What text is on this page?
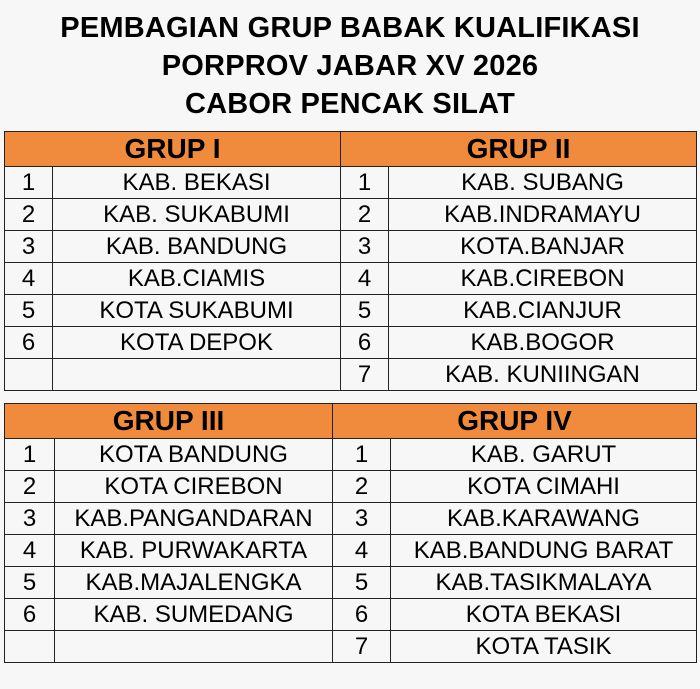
PEMBAGIAN GRUP BABAK KUALIFIKASI
PORPROV JABAR XV 2026
CABOR PENCAK SILAT
GRUP I		GRUP II	
1	KAB. BEKASI	1	KAB. SUBANG
2	KAB. SUKABUMI	2	KAB.INDRAMAYU
3	KAB. BANDUNG	3	KOTA.BANJAR
4	KAB.CIAMIS	4	KAB.CIREBON
5	KOTA SUKABUMI	5	KAB.CIANJUR
6	KOTA DEPOK	6	KAB.BOGOR
		7	KAB. KUNIINGAN
GRUP III		GRUP IV	
1	KOTA BANDUNG	1	KAB. GARUT
2	KOTA CIREBON	2	KOTA CIMAHI
3	KAB.PANGANDARAN	3	KAB.KARAWANG
4	KAB. PURWAKARTA	4	KAB.BANDUNG BARAT
5	KAB.MAJALENGKA	5	KAB.TASIKMALAYA
6	KAB. SUMEDANG	6	KOTA BEKASI
		7	KOTA TASIK
